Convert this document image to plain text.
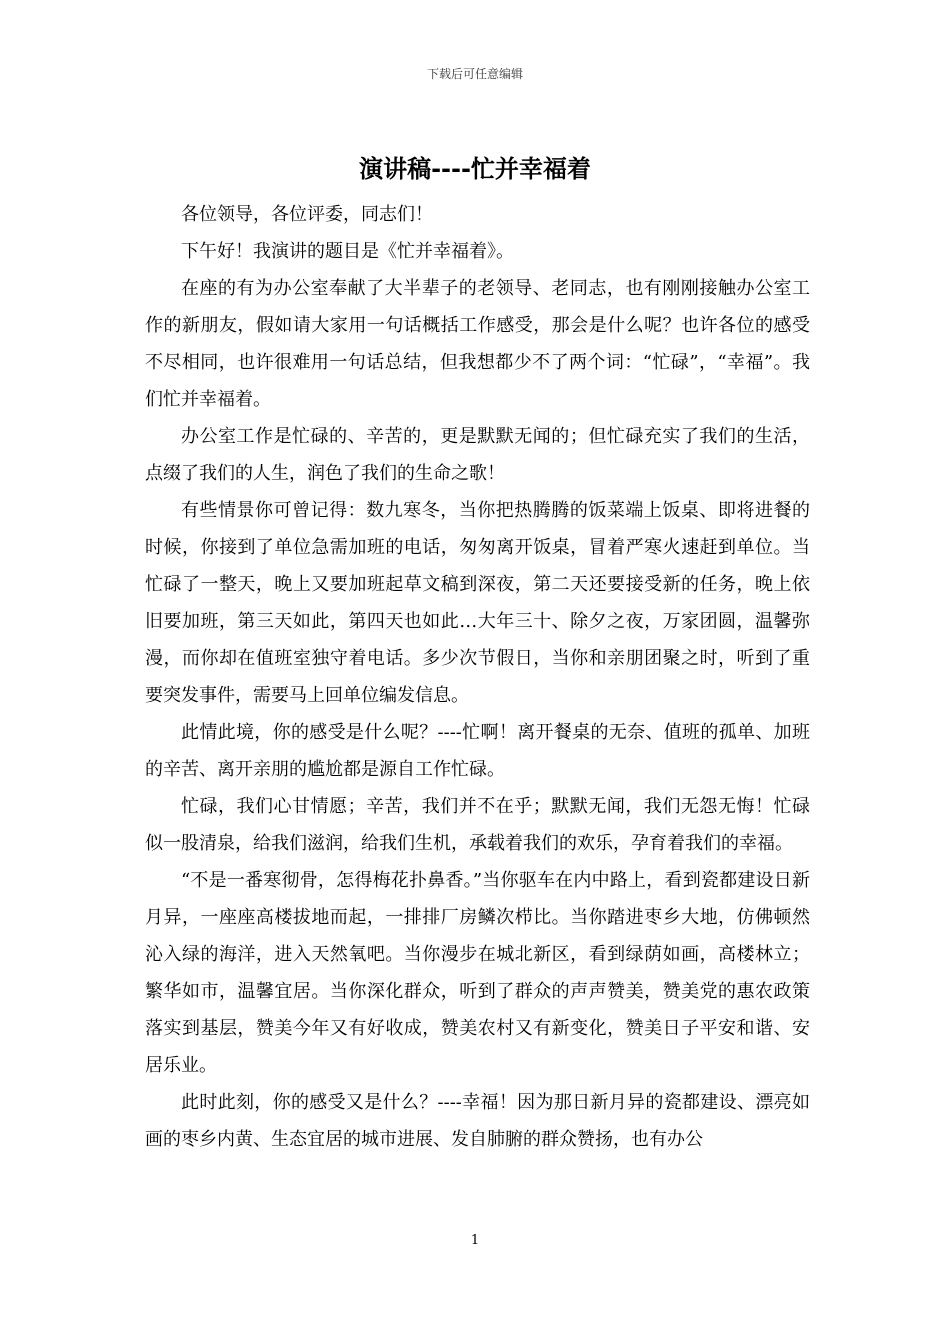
下载后可任意编辑
演讲稿----忙并幸福着

各位领导，各位评委，同志们！

下午好！我演讲的题目是《忙并幸福着》。

在座的有为办公室奉献了大半辈子的老领导、老同志，也有刚刚接触办公室工作的新朋友，假如请大家用一句话概括工作感受，那会是什么呢？也许各位的感受不尽相同，也许很难用一句话总结，但我想都少不了两个词：“忙碌”，“幸福”。我们忙并幸福着。

办公室工作是忙碌的、辛苦的，更是默默无闻的；但忙碌充实了我们的生活，点缀了我们的人生，润色了我们的生命之歌！

有些情景你可曾记得：数九寒冬，当你把热腾腾的饭菜端上饭桌、即将进餐的时候，你接到了单位急需加班的电话，匆匆离开饭桌，冒着严寒火速赶到单位。当忙碌了一整天，晚上又要加班起草文稿到深夜，第二天还要接受新的任务，晚上依旧要加班，第三天如此，第四天也如此…大年三十、除夕之夜，万家团圆，温馨弥漫，而你却在值班室独守着电话。多少次节假日，当你和亲朋团聚之时，听到了重要突发事件，需要马上回单位编发信息。

此情此境，你的感受是什么呢？----忙啊！离开餐桌的无奈、值班的孤单、加班的辛苦、离开亲朋的尴尬都是源自工作忙碌。

忙碌，我们心甘情愿；辛苦，我们并不在乎；默默无闻，我们无怨无悔！忙碌似一股清泉，给我们滋润，给我们生机，承载着我们的欢乐，孕育着我们的幸福。

“不是一番寒彻骨，怎得梅花扑鼻香。”当你驱车在内中路上，看到瓷都建设日新月异，一座座高楼拔地而起，一排排厂房鳞次栉比。当你踏进枣乡大地，仿佛顿然沁入绿的海洋，进入天然氧吧。当你漫步在城北新区，看到绿荫如画，高楼林立；繁华如市，温馨宜居。当你深化群众，听到了群众的声声赞美，赞美党的惠农政策落实到基层，赞美今年又有好收成，赞美农村又有新变化，赞美日子平安和谐、安居乐业。

此时此刻，你的感受又是什么？----幸福！因为那日新月异的瓷都建设、漂亮如画的枣乡内黄、生态宜居的城市进展、发自肺腑的群众赞扬，也有办公

1
